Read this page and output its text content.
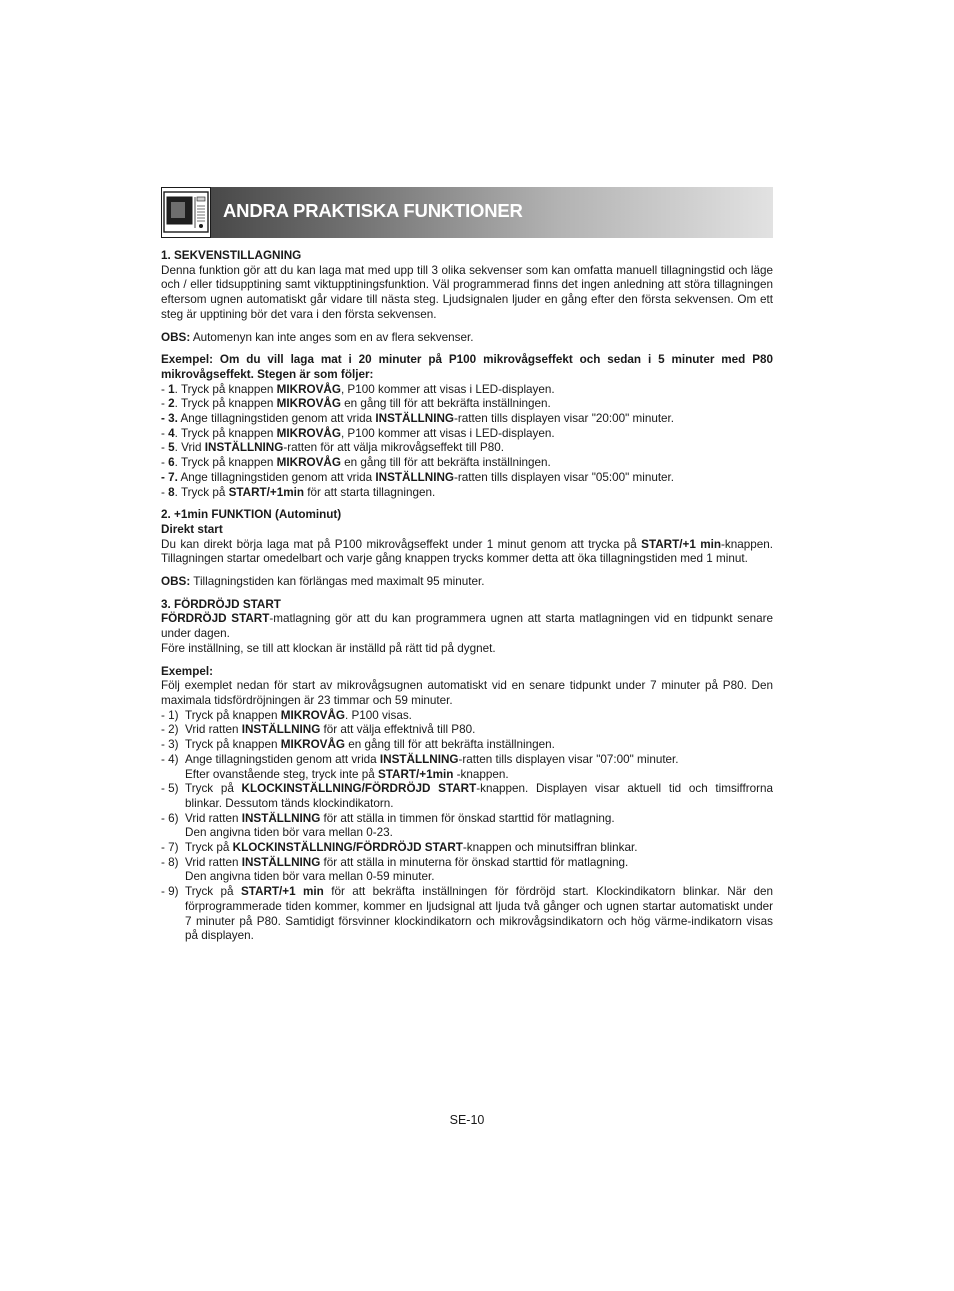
ANDRA PRAKTISKA FUNKTIONER

1. SEKVENSTILLAGNING

Denna funktion gör att du kan laga mat med upp till 3 olika sekvenser som kan omfatta manuell tillagningstid och läge och / eller tidsupptining samt viktupptiningsfunktion. Väl programmerad finns det ingen anledning att störa tillagningen eftersom ugnen automatiskt går vidare till nästa steg. Ljudsignalen ljuder en gång efter den första sekvensen. Om ett steg är upptining bör det vara i den första sekvensen.

OBS: Automenyn kan inte anges som en av flera sekvenser.

Exempel: Om du vill laga mat i 20 minuter på P100 mikrovågseffekt och sedan i 5 minuter med P80 mikrovågseffekt. Stegen är som följer:

- 1. Tryck på knappen MIKROVÅG, P100 kommer att visas i LED-displayen.
- 2. Tryck på knappen MIKROVÅG en gång till för att bekräfta inställningen.
- 3. Ange tillagningstiden genom att vrida INSTÄLLNING-ratten tills displayen visar "20:00" minuter.
- 4. Tryck på knappen MIKROVÅG, P100 kommer att visas i LED-displayen.
- 5. Vrid INSTÄLLNING-ratten för att välja mikrovågseffekt till P80.
- 6. Tryck på knappen MIKROVÅG en gång till för att bekräfta inställningen.
- 7. Ange tillagningstiden genom att vrida INSTÄLLNING-ratten tills displayen visar "05:00" minuter.
- 8. Tryck på START/+1min för att starta tillagningen.

2. +1min FUNKTION (Autominut)

Direkt start

Du kan direkt börja laga mat på P100 mikrovågseffekt under 1 minut genom att trycka på START/+1 min-knappen. Tillagningen startar omedelbart och varje gång knappen trycks kommer detta att öka tillagningstiden med 1 minut.

OBS: Tillagningstiden kan förlängas med maximalt 95 minuter.

3. FÖRDRÖJD START

FÖRDRÖJD START-matlagning gör att du kan programmera ugnen att starta matlagningen vid en tidpunkt senare under dagen.

Före inställning, se till att klockan är inställd på rätt tid på dygnet.

Exempel:

Följ exemplet nedan för start av mikrovågsugnen automatiskt vid en senare tidpunkt under 7 minuter på P80. Den maximala tidsfördröjningen är 23 timmar och 59 minuter.

- 1) Tryck på knappen MIKROVÅG. P100 visas.
- 2) Vrid ratten INSTÄLLNING för att välja effektnivå till P80.
- 3) Tryck på knappen MIKROVÅG en gång till för att bekräfta inställningen.
- 4) Ange tillagningstiden genom att vrida INSTÄLLNING-ratten tills displayen visar "07:00" minuter.
Efter ovanstående steg, tryck inte på START/+1min -knappen.
- 5) Tryck på KLOCKINSTÄLLNING/FÖRDRÖJD START-knappen. Displayen visar aktuell tid och timsiffrorna blinkar. Dessutom tänds klockindikatorn.
- 6) Vrid ratten INSTÄLLNING för att ställa in timmen för önskad starttid för matlagning.
Den angivna tiden bör vara mellan 0-23.
- 7) Tryck på KLOCKINSTÄLLNING/FÖRDRÖJD START-knappen och minutsiffran blinkar.
- 8) Vrid ratten INSTÄLLNING för att ställa in minuterna för önskad starttid för matlagning.
Den angivna tiden bör vara mellan 0-59 minuter.
- 9) Tryck på START/+1 min för att bekräfta inställningen för fördröjd start. Klockindikatorn blinkar. När den förprogrammerade tiden kommer, kommer en ljudsignal att ljuda två gånger och ugnen startar automatiskt under 7 minuter på P80. Samtidigt försvinner klockindikatorn och mikrovågsindikatorn och hög värme-indikatorn visas på displayen.
SE-10
